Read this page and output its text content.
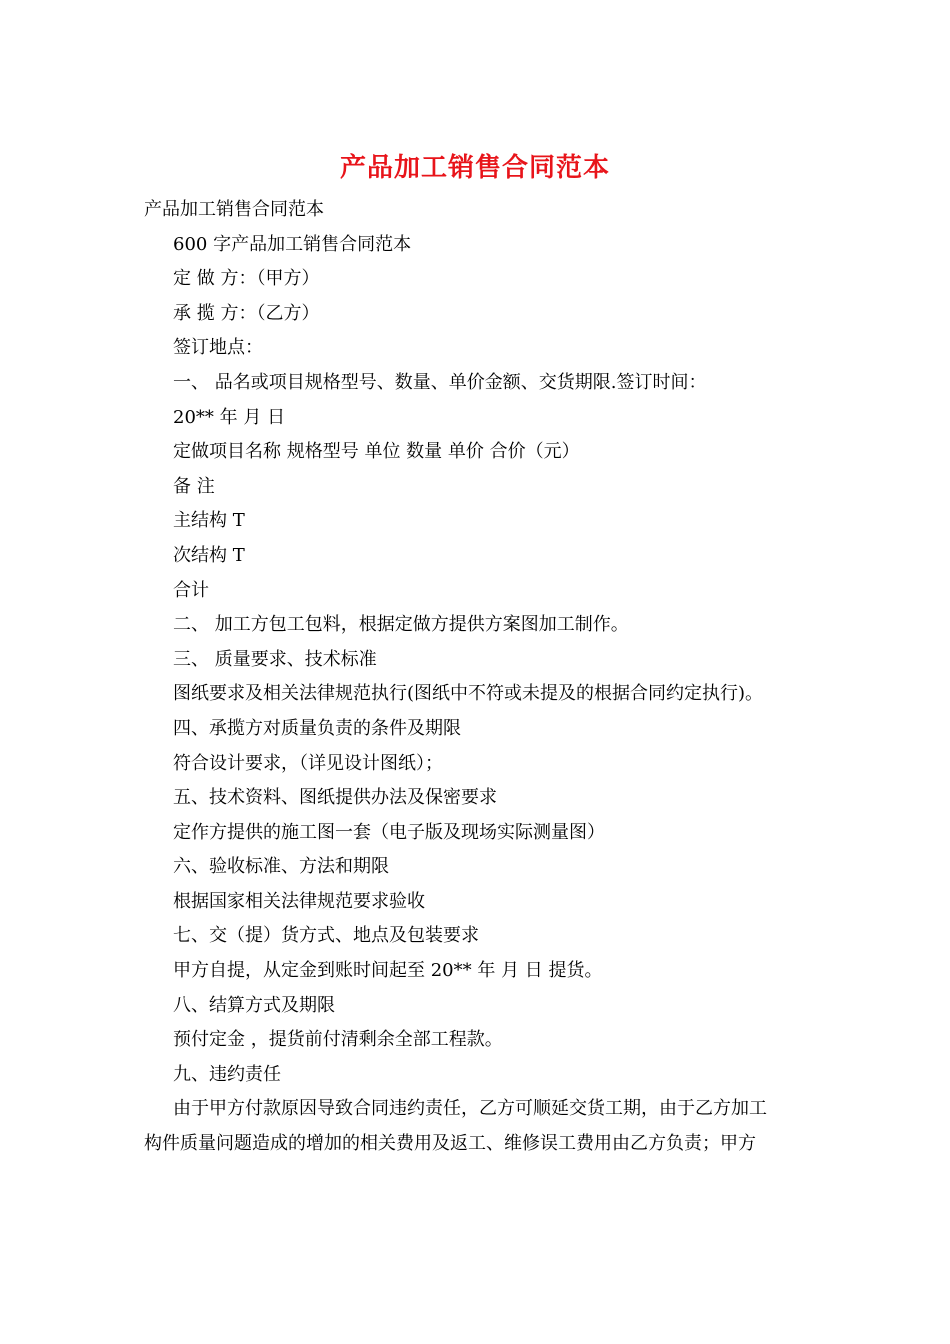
产品加工销售合同范本
产品加工销售合同范本
600 字产品加工销售合同范本
定 做 方：（甲方）
承 揽 方：（乙方）
签订地点：
一、 品名或项目规格型号、数量、单价金额、交货期限.签订时间：
20** 年 月 日
定做项目名称 规格型号 单位 数量 单价 合价（元）
备 注
主结构 T
次结构 T
合计
二、 加工方包工包料，根据定做方提供方案图加工制作。
三、 质量要求、技术标准
图纸要求及相关法律规范执行(图纸中不符或未提及的根据合同约定执行)。
四、承揽方对质量负责的条件及期限
符合设计要求，（详见设计图纸）；
五、技术资料、图纸提供办法及保密要求
定作方提供的施工图一套（电子版及现场实际测量图）
六、验收标准、方法和期限
根据国家相关法律规范要求验收
七、交（提）货方式、地点及包装要求
甲方自提，从定金到账时间起至 20** 年 月 日 提货。
八、结算方式及期限
预付定金 ，提货前付清剩余全部工程款。
九、违约责任
由于甲方付款原因导致合同违约责任，乙方可顺延交货工期，由于乙方加工
构件质量问题造成的增加的相关费用及返工、维修误工费用由乙方负责；甲方
